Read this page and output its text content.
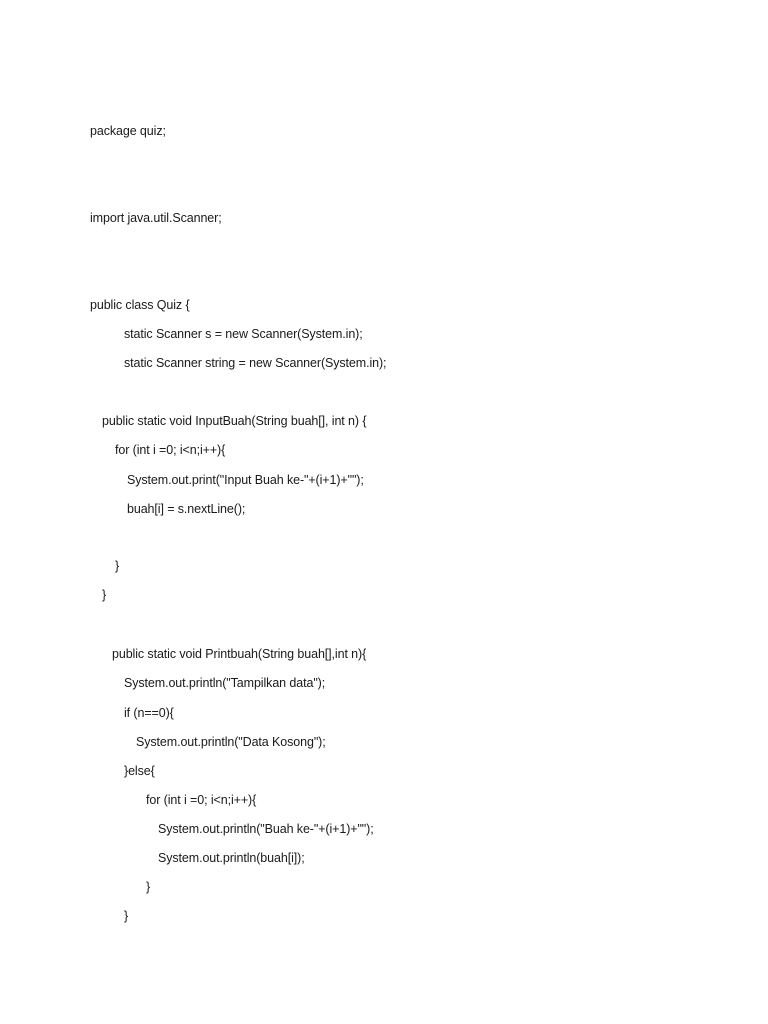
package quiz;
import java.util.Scanner;
public class Quiz {
static Scanner s = new Scanner(System.in);
static Scanner string = new Scanner(System.in);
public static void InputBuah(String buah[], int n) {
for (int i =0; i<n;i++){
System.out.print("Input Buah ke-"+(i+1)+"");
buah[i] = s.nextLine();
}
}
public static void Printbuah(String buah[],int n){
System.out.println("Tampilkan data");
if (n==0){
System.out.println("Data Kosong");
}else{
for (int i =0; i<n;i++){
System.out.println("Buah ke-"+(i+1)+"");
System.out.println(buah[i]);
}
}
